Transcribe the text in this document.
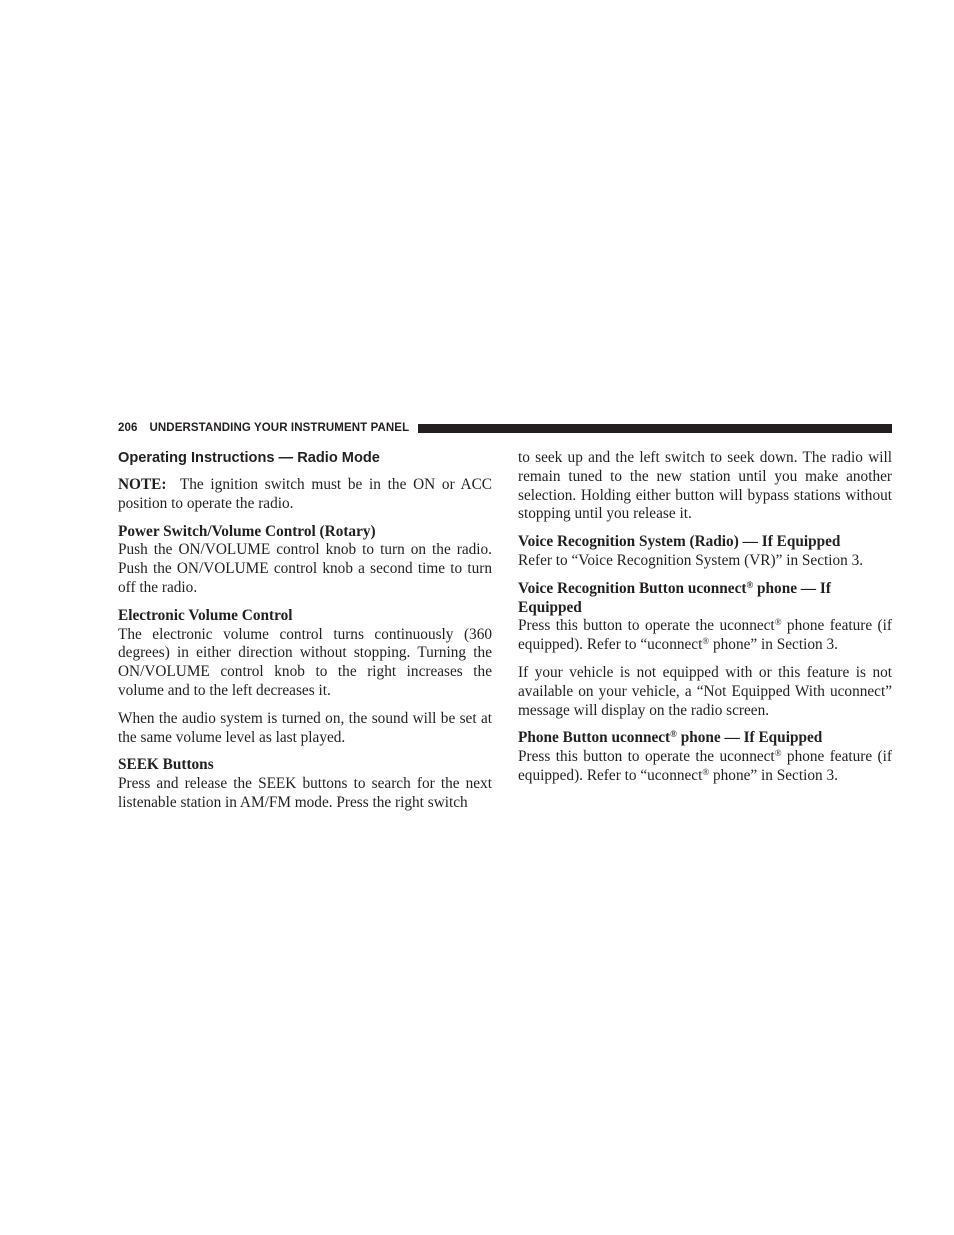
206 UNDERSTANDING YOUR INSTRUMENT PANEL
Operating Instructions — Radio Mode

NOTE: The ignition switch must be in the ON or ACC position to operate the radio.

Power Switch/Volume Control (Rotary)

Push the ON/VOLUME control knob to turn on the radio. Push the ON/VOLUME control knob a second time to turn off the radio.

Electronic Volume Control

The electronic volume control turns continuously (360 degrees) in either direction without stopping. Turning the ON/VOLUME control knob to the right increases the volume and to the left decreases it.

When the audio system is turned on, the sound will be set at the same volume level as last played.

SEEK Buttons

Press and release the SEEK buttons to search for the next listenable station in AM/FM mode. Press the right switch

to seek up and the left switch to seek down. The radio will remain tuned to the new station until you make another selection. Holding either button will bypass stations without stopping until you release it.

Voice Recognition System (Radio) — If Equipped

Refer to “Voice Recognition System (VR)” in Section 3.

Voice Recognition Button uconnect® phone — If Equipped

Press this button to operate the uconnect® phone feature (if equipped). Refer to “uconnect® phone” in Section 3.

If your vehicle is not equipped with or this feature is not available on your vehicle, a “Not Equipped With uconnect” message will display on the radio screen.

Phone Button uconnect® phone — If Equipped

Press this button to operate the uconnect® phone feature (if equipped). Refer to “uconnect® phone” in Section 3.
